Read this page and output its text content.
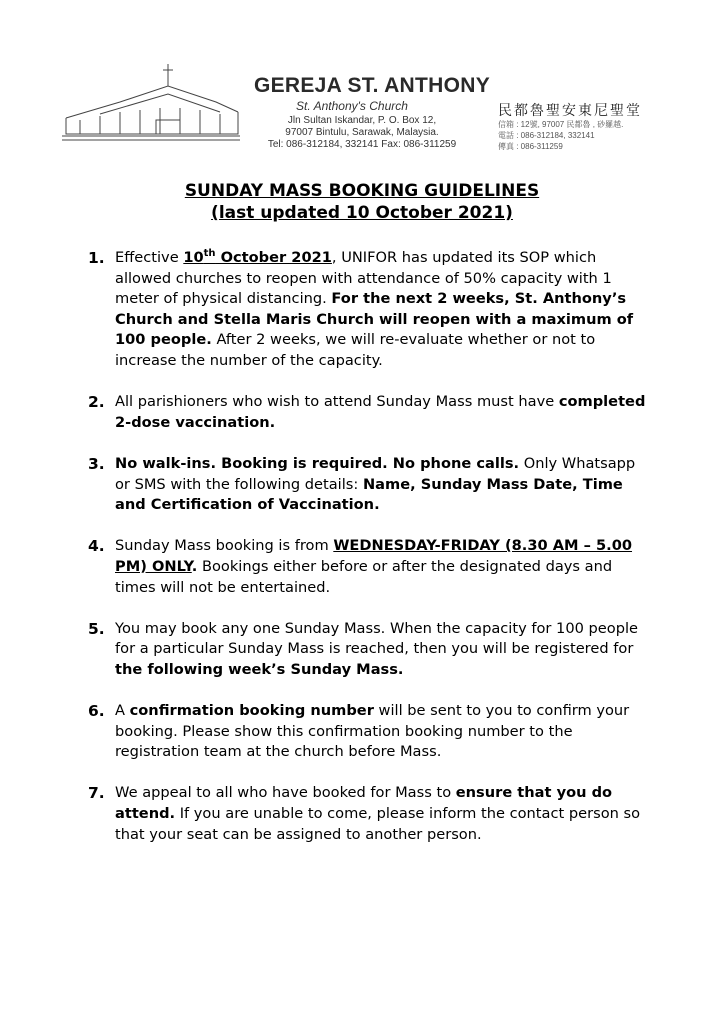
GEREJA ST. ANTHONY
St. Anthony's Church
Jln Sultan Iskandar, P. O. Box 12,
97007 Bintulu, Sarawak, Malaysia.
Tel: 086-312184, 332141 Fax: 086-311259
民都魯聖安東尼聖堂
信箱 : 12號, 97007 民都魯 , 砂羅越.
電話 : 086-312184, 332141
傳真 : 086-311259
SUNDAY MASS BOOKING GUIDELINES
(last updated 10 October 2021)
1. Effective 10th October 2021, UNIFOR has updated its SOP which allowed churches to reopen with attendance of 50% capacity with 1 meter of physical distancing. For the next 2 weeks, St. Anthony’s Church and Stella Maris Church will reopen with a maximum of 100 people. After 2 weeks, we will re-evaluate whether or not to increase the number of the capacity.
2. All parishioners who wish to attend Sunday Mass must have completed 2-dose vaccination.
3. No walk-ins. Booking is required. No phone calls. Only Whatsapp or SMS with the following details: Name, Sunday Mass Date, Time and Certification of Vaccination.
4. Sunday Mass booking is from WEDNESDAY-FRIDAY (8.30 AM – 5.00 PM) ONLY. Bookings either before or after the designated days and times will not be entertained.
5. You may book any one Sunday Mass. When the capacity for 100 people for a particular Sunday Mass is reached, then you will be registered for the following week’s Sunday Mass.
6. A confirmation booking number will be sent to you to confirm your booking. Please show this confirmation booking number to the registration team at the church before Mass.
7. We appeal to all who have booked for Mass to ensure that you do attend. If you are unable to come, please inform the contact person so that your seat can be assigned to another person.
